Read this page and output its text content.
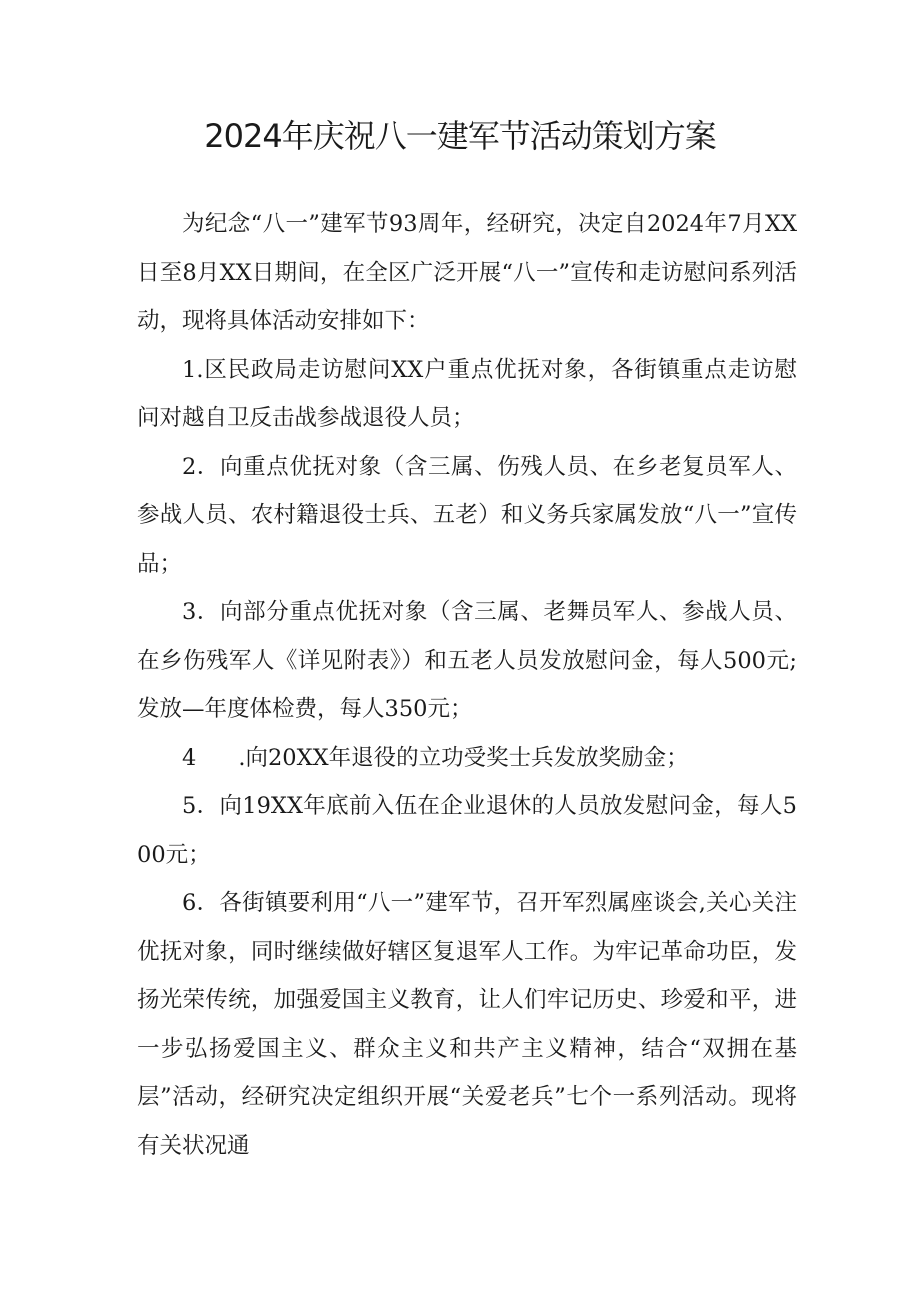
2024年庆祝八一建军节活动策划方案

为纪念“八一”建军节93周年，经研究，决定自2024年7月XX日至8月XX日期间，在全区广泛开展“八一”宣传和走访慰问系列活动，现将具体活动安排如下：

1.区民政局走访慰问XX户重点优抚对象，各街镇重点走访慰问对越自卫反击战参战退役人员；

2．向重点优抚对象（含三属、伤残人员、在乡老复员军人、参战人员、农村籍退役士兵、五老）和义务兵家属发放“八一”宣传品；

3．向部分重点优抚对象（含三属、老舞员军人、参战人员、在乡伤残军人《详见附表》）和五老人员发放慰问金，每人500元;发放—年度体检费，每人350元；

4 .向20XX年退役的立功受奖士兵发放奖励金；

5．向19XX年底前入伍在企业退休的人员放发慰问金，每人500元；

6．各街镇要利用“八一”建军节，召开军烈属座谈会,关心关注优抚对象，同时继续做好辖区复退军人工作。为牢记革命功臣，发扬光荣传统，加强爱国主义教育，让人们牢记历史、珍爱和平，进一步弘扬爱国主义、群众主义和共产主义精神，结合“双拥在基层”活动，经研究决定组织开展“关爱老兵”七个一系列活动。现将有关状况通
